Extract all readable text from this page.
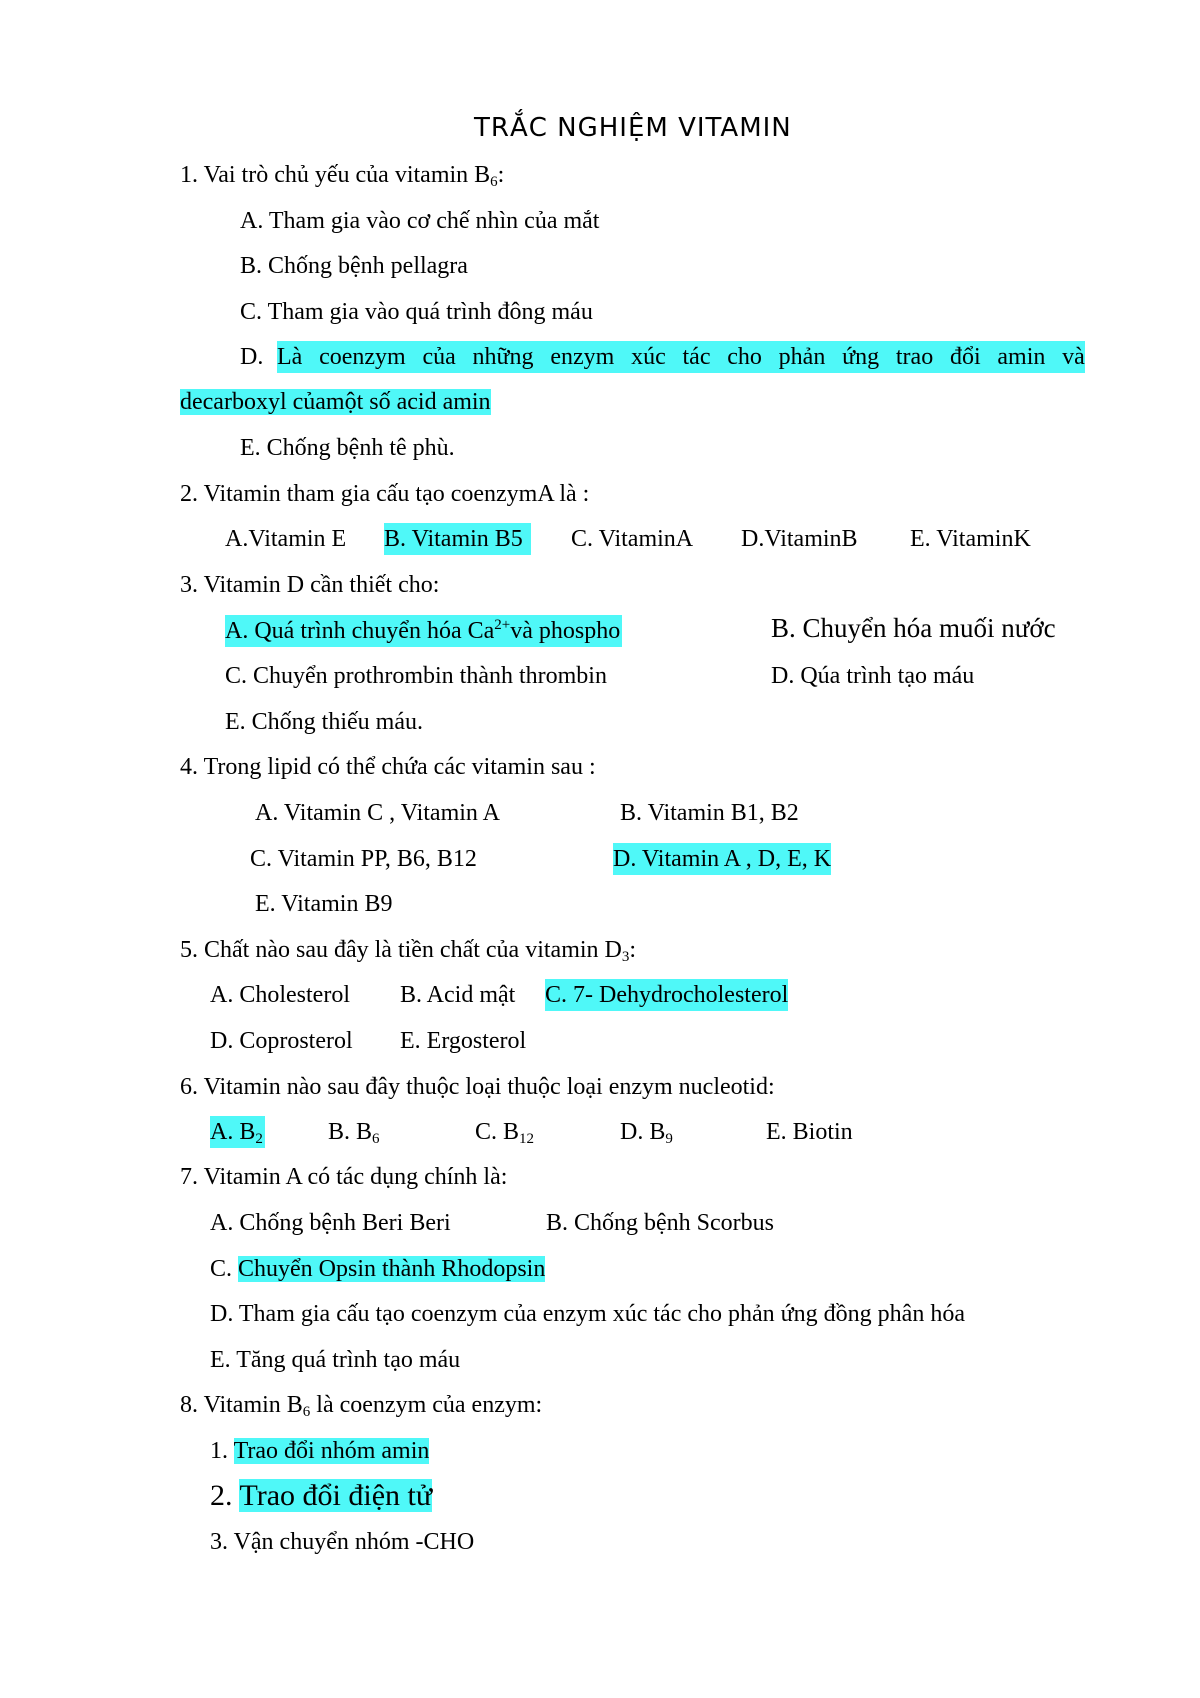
TRẮC NGHIỆM VITAMIN
1. Vai trò chủ yếu của vitamin $B_6$:
A. Tham gia vào cơ chế nhìn của mắt
B. Chống bệnh pellagra
C. Tham gia vào quá trình đông máu
D. Là coenzym của những enzym xúc tác cho phản ứng trao đổi amin và
decarboxyl củamột số acid amin
E. Chống bệnh tê phù.
2. Vitamin tham gia cấu tạo coenzymA là :
A.Vitamin E B. Vitamin B5	C. VitaminA D.VitaminB E. VitaminK
3. Vitamin D cần thiết cho:
A. Quá trình chuyển hóa $Ca^{2+}và$ phospho	B. Chuyển hóa muối nước
C. Chuyển prothrombin thành thrombin	D. Qúa trình tạo máu
E. Chống thiếu máu.
4. Trong lipid có thể chứa các vitamin sau :
A. Vitamin C , Vitamin A	B. Vitamin B1, B2
C. Vitamin PP, B6, B12	D. Vitamin A , D, E, K
E. Vitamin B9
5. Chất nào sau đây là tiền chất của vitamin $D_3$:
A. Cholesterol B. Acid mật C. 7- Dehydrocholesterol
D. Coprosterol E. Ergosterol
6. Vitamin nào sau đây thuộc loại thuộc loại enzym nucleotid:
A. $B_2$	B. $B_6$	C. $B_{12}$	D. $B_9$	E. Biotin
7. Vitamin A có tác dụng chính là:
A. Chống bệnh Beri Beri	B. Chống bệnh Scorbus
C. Chuyển Opsin thành Rhodopsin
D. Tham gia cấu tạo coenzym của enzym xúc tác cho phản ứng đồng phân hóa
E. Tăng quá trình tạo máu
8. Vitamin $B_6$ là coenzym của enzym:
1. Trao đổi nhóm amin
2. Trao đổi điện tử
3. Vận chuyển nhóm -CHO
